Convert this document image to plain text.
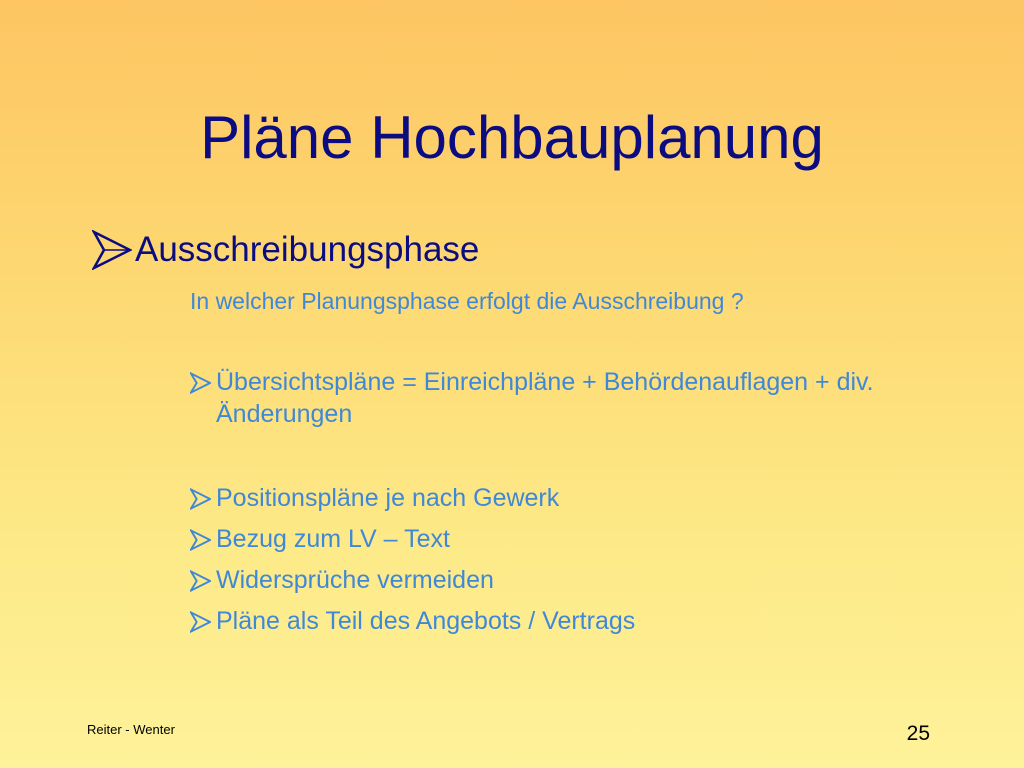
Pläne Hochbauplanung
Ausschreibungsphase
In welcher Planungsphase erfolgt die Ausschreibung ?
Übersichtspläne = Einreichpläne + Behördenauflagen + div. Änderungen
Positionspläne je nach Gewerk
Bezug zum LV – Text
Widersprüche vermeiden
Pläne als Teil des Angebots / Vertrags
Reiter - Wenter	25
